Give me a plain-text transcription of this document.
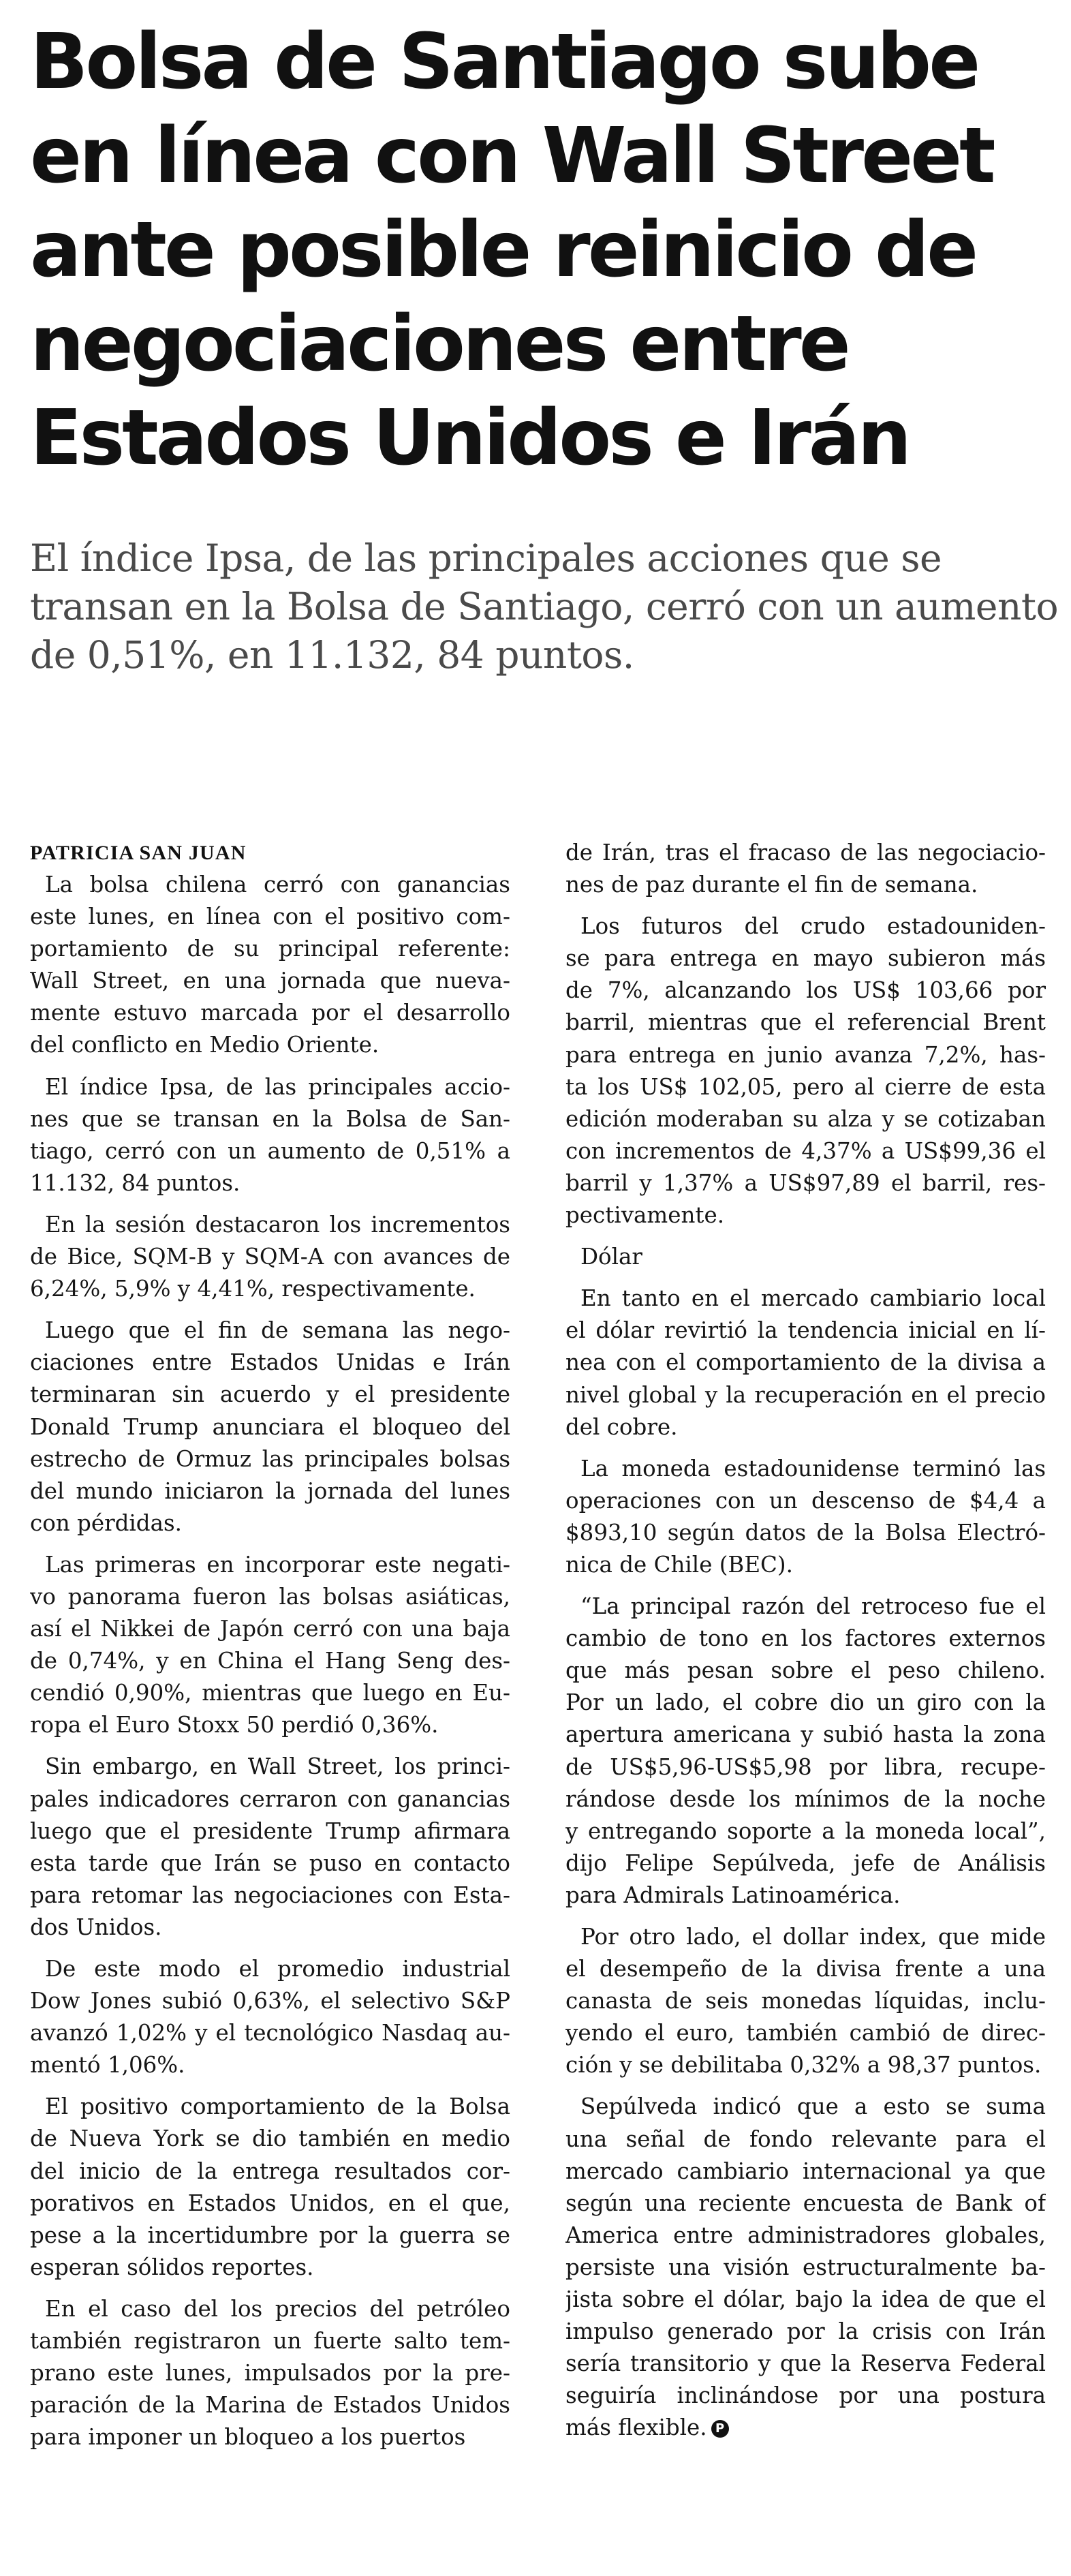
Bolsa de Santiago sube
en línea con Wall Street
ante posible reinicio de
negociaciones entre
Estados Unidos e Irán

El índice Ipsa, de las principales acciones que se
transan en la Bolsa de Santiago, cerró con un aumento
de 0,51%, en 11.132, 84 puntos.

PATRICIA SAN JUAN
La bolsa chilena cerró con ganancias
este lunes, en línea con el positivo com-
portamiento de su principal referente:
Wall Street, en una jornada que nueva-
mente estuvo marcada por el desarrollo
del conflicto en Medio Oriente.
El índice Ipsa, de las principales accio-
nes que se transan en la Bolsa de San-
tiago, cerró con un aumento de 0,51% a
11.132, 84 puntos.
En la sesión destacaron los incrementos
de Bice, SQM-B y SQM-A con avances de
6,24%, 5,9% y 4,41%, respectivamente.
Luego que el fin de semana las nego-
ciaciones entre Estados Unidas e Irán
terminaran sin acuerdo y el presidente
Donald Trump anunciara el bloqueo del
estrecho de Ormuz las principales bolsas
del mundo iniciaron la jornada del lunes
con pérdidas.
Las primeras en incorporar este negati-
vo panorama fueron las bolsas asiáticas,
así el Nikkei de Japón cerró con una baja
de 0,74%, y en China el Hang Seng des-
cendió 0,90%, mientras que luego en Eu-
ropa el Euro Stoxx 50 perdió 0,36%.
Sin embargo, en Wall Street, los princi-
pales indicadores cerraron con ganancias
luego que el presidente Trump afirmara
esta tarde que Irán se puso en contacto
para retomar las negociaciones con Esta-
dos Unidos.
De este modo el promedio industrial
Dow Jones subió 0,63%, el selectivo S&P
avanzó 1,02% y el tecnológico Nasdaq au-
mentó 1,06%.
El positivo comportamiento de la Bolsa
de Nueva York se dio también en medio
del inicio de la entrega resultados cor-
porativos en Estados Unidos, en el que,
pese a la incertidumbre por la guerra se
esperan sólidos reportes.
En el caso del los precios del petróleo
también registraron un fuerte salto tem-
prano este lunes, impulsados por la pre-
paración de la Marina de Estados Unidos
para imponer un bloqueo a los puertos
de Irán, tras el fracaso de las negociacio-
nes de paz durante el fin de semana.
Los futuros del crudo estadouniden-
se para entrega en mayo subieron más
de 7%, alcanzando los US$ 103,66 por
barril, mientras que el referencial Brent
para entrega en junio avanza 7,2%, has-
ta los US$ 102,05, pero al cierre de esta
edición moderaban su alza y se cotizaban
con incrementos de 4,37% a US$99,36 el
barril y 1,37% a US$97,89 el barril, res-
pectivamente.
Dólar
En tanto en el mercado cambiario local
el dólar revirtió la tendencia inicial en lí-
nea con el comportamiento de la divisa a
nivel global y la recuperación en el precio
del cobre.
La moneda estadounidense terminó las
operaciones con un descenso de $4,4 a
$893,10 según datos de la Bolsa Electró-
nica de Chile (BEC).
“La principal razón del retroceso fue el
cambio de tono en los factores externos
que más pesan sobre el peso chileno.
Por un lado, el cobre dio un giro con la
apertura americana y subió hasta la zona
de US$5,96-US$5,98 por libra, recupe-
rándose desde los mínimos de la noche
y entregando soporte a la moneda local”,
dijo Felipe Sepúlveda, jefe de Análisis
para Admirals Latinoamérica.
Por otro lado, el dollar index, que mide
el desempeño de la divisa frente a una
canasta de seis monedas líquidas, inclu-
yendo el euro, también cambió de direc-
ción y se debilitaba 0,32% a 98,37 puntos.
Sepúlveda indicó que a esto se suma
una señal de fondo relevante para el
mercado cambiario internacional ya que
según una reciente encuesta de Bank of
America entre administradores globales,
persiste una visión estructuralmente ba-
jista sobre el dólar, bajo la idea de que el
impulso generado por la crisis con Irán
sería transitorio y que la Reserva Federal
seguiría inclinándose por una postura
más flexible. P
